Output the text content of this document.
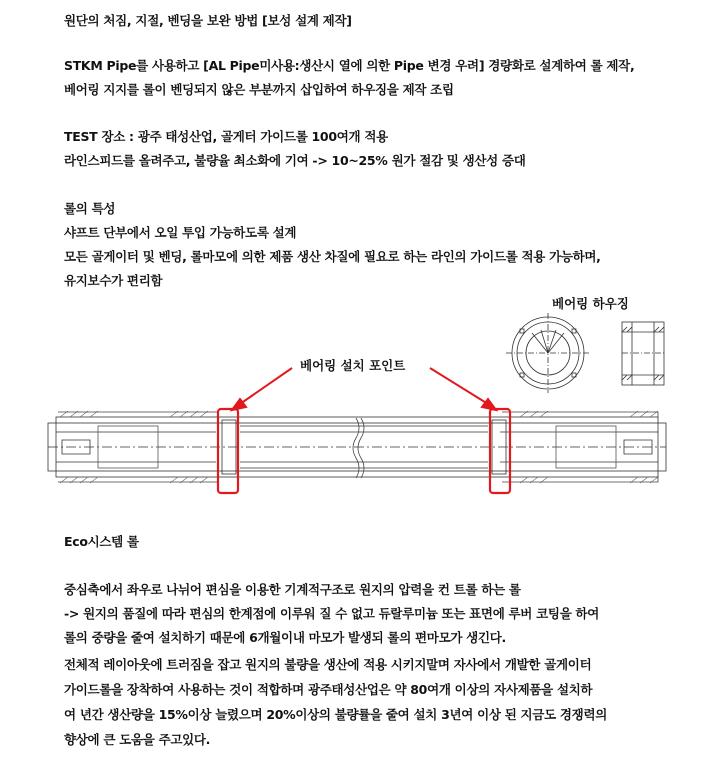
원단의 처짐, 지절, 벤딩을 보완 방법 [보성 설계 제작]
STKM Pipe를 사용하고 [AL Pipe미사용:생산시 열에 의한 Pipe 변경 우려] 경량화로 설계하여 롤 제작,
베어링 지지를 롤이 벤딩되지 않은 부분까지 삽입하여 하우징을 제작 조립
TEST 장소 : 광주 태성산업, 골게터 가이드롤 100여개 적용
라인스피드를 올려주고, 불량율 최소화에 기여 -> 10~25% 원가 절감 및 생산성 증대
롤의 특성
샤프트 단부에서 오일 투입 가능하도록 설계
모든 골게이터 및 벤딩, 롤마모에 의한 제품 생산 차질에 필요로 하는 라인의 가이드롤 적용 가능하며,
유지보수가 편리함
베어링 하우징
베어링 설치 포인트
Eco시스템 롤
중심축에서 좌우로 나뉘어 편심을 이용한 기계적구조로 원지의 압력을 컨 트롤 하는 롤
-> 원지의 품질에 따라 편심의 한계점에 이루워 질 수 없고 듀랄루미늄 또는 표면에 루버 코팅을 하여
롤의 중량을 줄여 설치하기 때문에 6개월이내 마모가 발생되 롤의 편마모가 생긴다.
전체적 레이아웃에 트러짐을 잡고 원지의 불량을 생산에 적용 시키지말며 자사에서 개발한 골게이터
가이드롤을 장착하여 사용하는 것이 적합하며 광주태성산업은 약 80여개 이상의 자사제품을 설치하
여 년간 생산량을 15%이상 늘렸으며 20%이상의 불량률을 줄여 설치 3년여 이상 된 지금도 경쟁력의
향상에 큰 도움을 주고있다.
